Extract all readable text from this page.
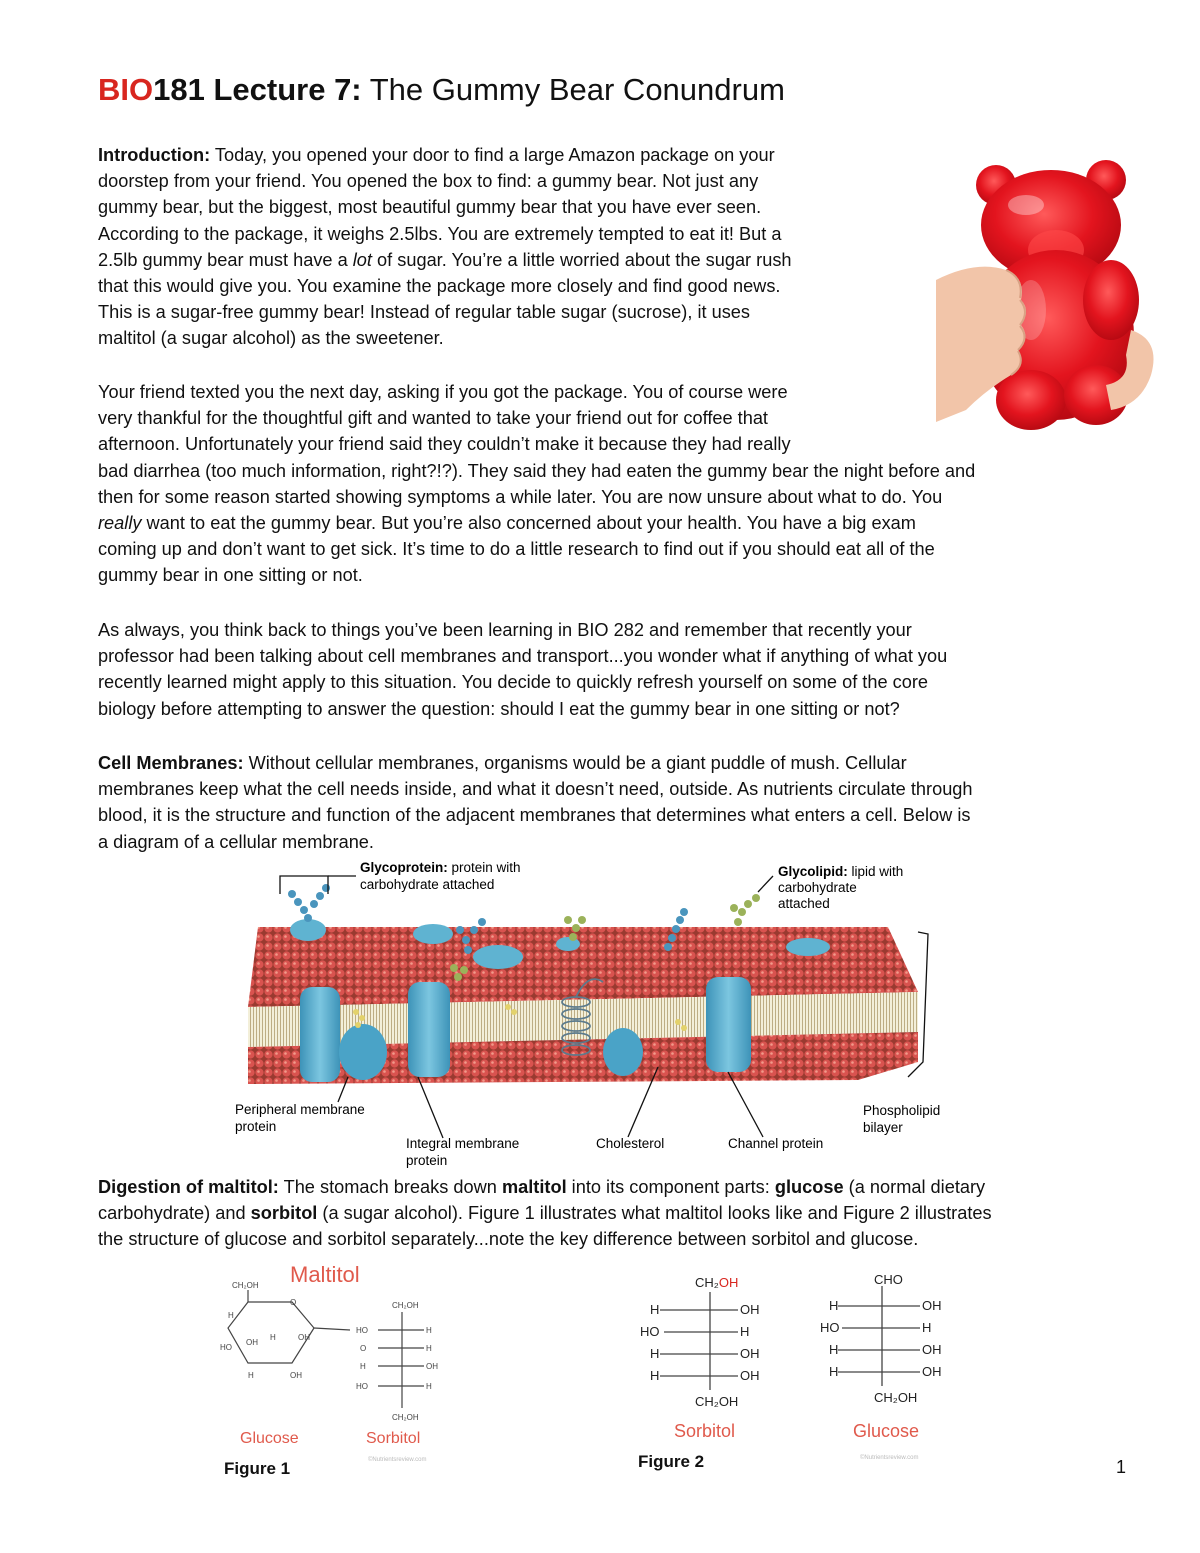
BIO181 Lecture 7: The Gummy Bear Conundrum
Introduction: Today, you opened your door to find a large Amazon package on your
doorstep from your friend. You opened the box to find: a gummy bear. Not just any
gummy bear, but the biggest, most beautiful gummy bear that you have ever seen.
According to the package, it weighs 2.5lbs. You are extremely tempted to eat it! But a
2.5lb gummy bear must have a lot of sugar. You’re a little worried about the sugar rush
that this would give you. You examine the package more closely and find good news.
This is a sugar-free gummy bear! Instead of regular table sugar (sucrose), it uses
maltitol (a sugar alcohol) as the sweetener.
Your friend texted you the next day, asking if you got the package. You of course were
very thankful for the thoughtful gift and wanted to take your friend out for coffee that
afternoon. Unfortunately your friend said they couldn’t make it because they had really
bad diarrhea (too much information, right?!?). They said they had eaten the gummy bear the night before and
then for some reason started showing symptoms a while later. You are now unsure about what to do. You
really want to eat the gummy bear. But you’re also concerned about your health. You have a big exam
coming up and don’t want to get sick. It’s time to do a little research to find out if you should eat all of the
gummy bear in one sitting or not.
As always, you think back to things you’ve been learning in BIO 282 and remember that recently your
professor had been talking about cell membranes and transport...you wonder what if anything of what you
recently learned might apply to this situation. You decide to quickly refresh yourself on some of the core
biology before attempting to answer the question: should I eat the gummy bear in one sitting or not?
Cell Membranes: Without cellular membranes, organisms would be a giant puddle of mush. Cellular
membranes keep what the cell needs inside, and what it doesn’t need, outside. As nutrients circulate through
blood, it is the structure and function of the adjacent membranes that determines what enters a cell. Below is
a diagram of a cellular membrane.
Digestion of maltitol: The stomach breaks down maltitol into its component parts: glucose (a normal dietary
carbohydrate) and sorbitol (a sugar alcohol). Figure 1 illustrates what maltitol looks like and Figure 2 illustrates
the structure of glucose and sorbitol separately...note the key difference between sorbitol and glucose.
Glycoprotein: protein with
carbohydrate attached
Glycolipid: lipid with
carbohydrate
attached
Peripheral membrane
protein
Integral membrane
protein
Cholesterol	Channel protein
Phospholipid
bilayer
Maltitol
CH₂OH
O
H
OH
HO
H	OH
H	OH
CH₂OH
HO	H
O	H
H	OH
HO	H
CH₂OH
Glucose	Sorbitol
©Nutrientsreview.com
Figure 1
CH₂OH
H	OH
HO	H
H	OH
H	OH
CH₂OH
CHO
H	OH
HO	H
H	OH
H	OH
CH₂OH
Sorbitol	Glucose
©Nutrientsreview.com
Figure 2	1
